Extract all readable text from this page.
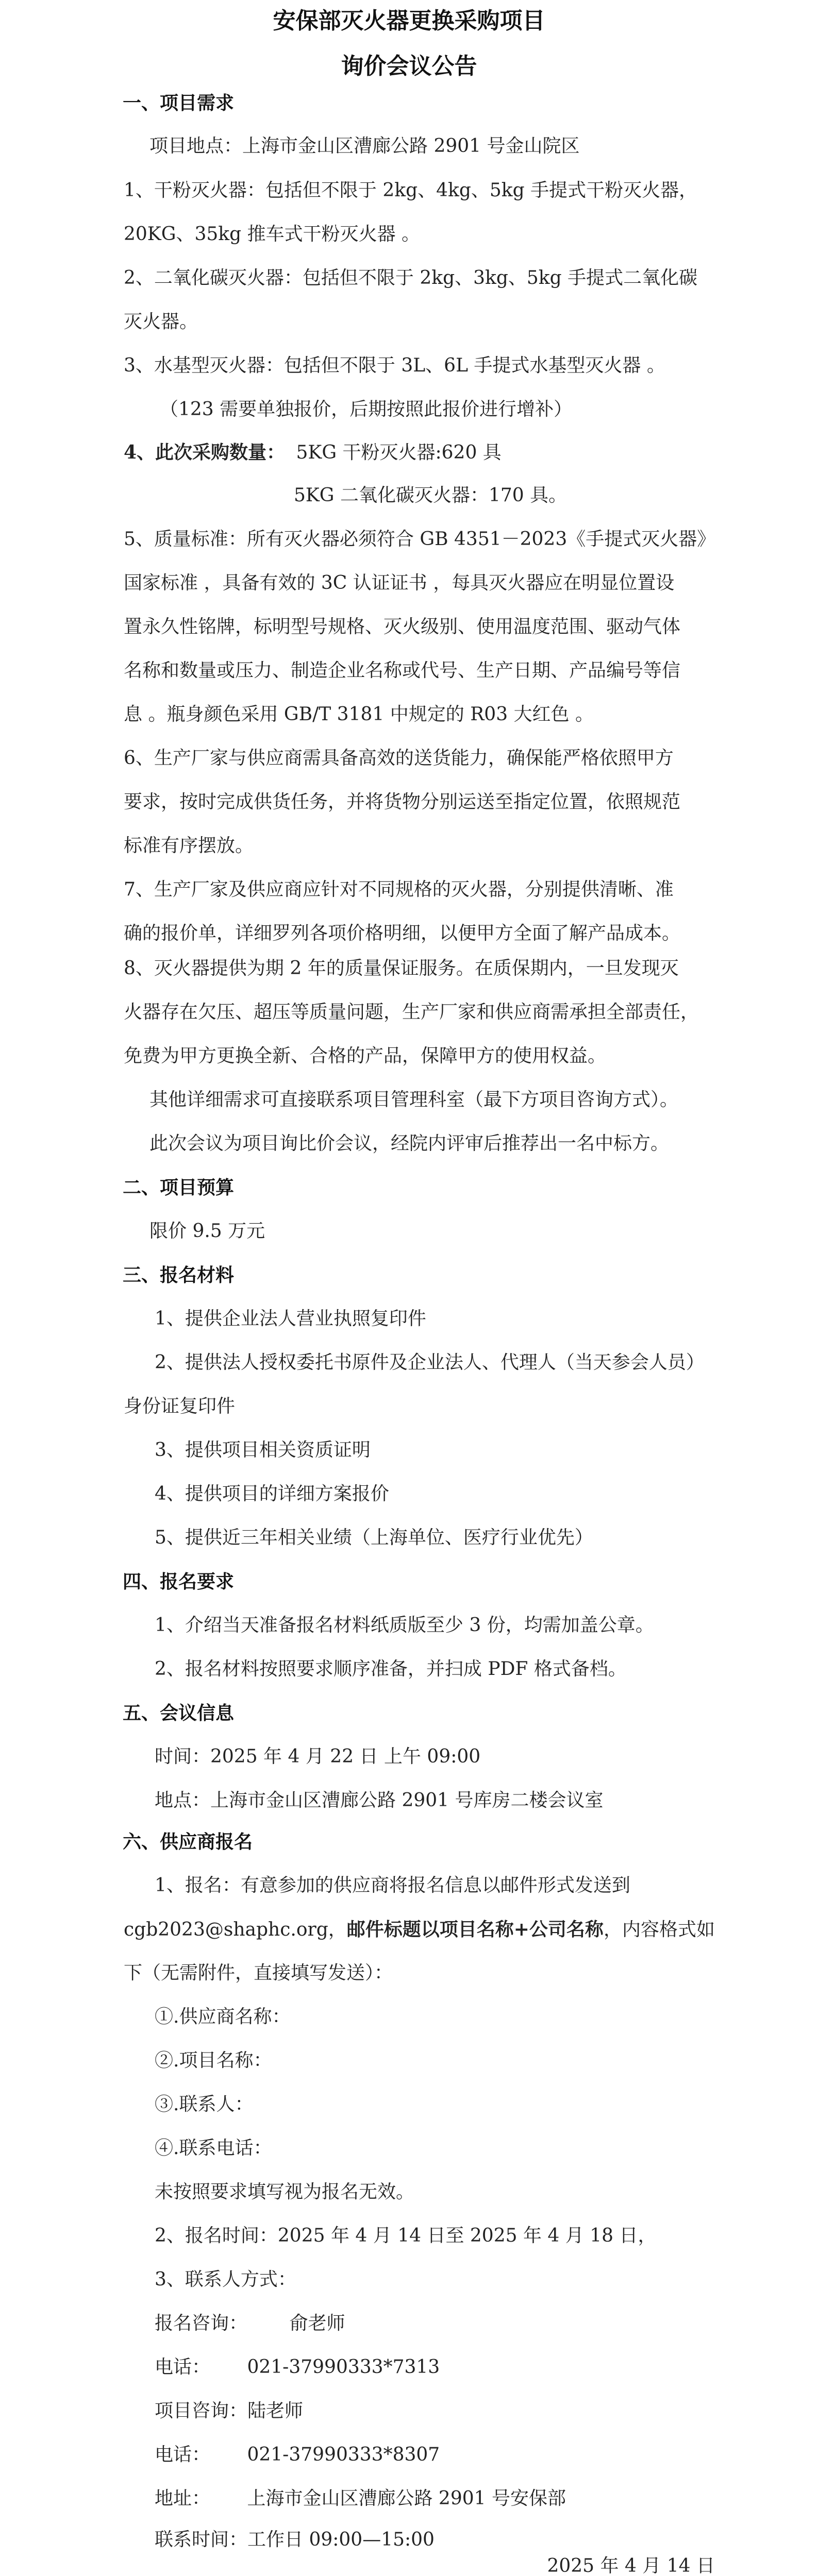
安保部灭火器更换采购项目
询价会议公告
一、项目需求
项目地点：上海市金山区漕廊公路 2901 号金山院区
1、干粉灭火器：包括但不限于 2kg、4kg、5kg 手提式干粉灭火器，
20KG、35kg 推车式干粉灭火器 。
2、二氧化碳灭火器：包括但不限于 2kg、3kg、5kg 手提式二氧化碳
灭火器。
3、水基型灭火器：包括但不限于 3L、6L 手提式水基型灭火器 。
（123 需要单独报价，后期按照此报价进行增补）
4、此次采购数量： 5KG 干粉灭火器:620 具
5KG 二氧化碳灭火器：170 具。
5、质量标准：所有灭火器必须符合 GB 4351－2023《手提式灭火器》
国家标准 ，具备有效的 3C 认证证书 ，每具灭火器应在明显位置设
置永久性铭牌，标明型号规格、灭火级别、使用温度范围、驱动气体
名称和数量或压力、制造企业名称或代号、生产日期、产品编号等信
息 。瓶身颜色采用 GB/T 3181 中规定的 R03 大红色 。
6、生产厂家与供应商需具备高效的送货能力，确保能严格依照甲方
要求，按时完成供货任务，并将货物分别运送至指定位置，依照规范
标准有序摆放。
7、生产厂家及供应商应针对不同规格的灭火器，分别提供清晰、准
确的报价单，详细罗列各项价格明细，以便甲方全面了解产品成本。
8、灭火器提供为期 2 年的质量保证服务。在质保期内，一旦发现灭
火器存在欠压、超压等质量问题，生产厂家和供应商需承担全部责任，
免费为甲方更换全新、合格的产品，保障甲方的使用权益。
其他详细需求可直接联系项目管理科室（最下方项目咨询方式）。
此次会议为项目询比价会议，经院内评审后推荐出一名中标方。
二、项目预算
限价 9.5 万元
三、报名材料
1、提供企业法人营业执照复印件
2、提供法人授权委托书原件及企业法人、代理人（当天参会人员）
身份证复印件
3、提供项目相关资质证明
4、提供项目的详细方案报价
5、提供近三年相关业绩（上海单位、医疗行业优先）
四、报名要求
1、介绍当天准备报名材料纸质版至少 3 份，均需加盖公章。
2、报名材料按照要求顺序准备，并扫成 PDF 格式备档。
五、会议信息
时间：2025 年 4 月 22 日 上午 09:00
地点：上海市金山区漕廊公路 2901 号库房二楼会议室
六、供应商报名
1、报名：有意参加的供应商将报名信息以邮件形式发送到
cgb2023@shaphc.org，邮件标题以项目名称+公司名称，内容格式如
下（无需附件，直接填写发送）：
①.供应商名称：
②.项目名称：
③.联系人：
④.联系电话：
未按照要求填写视为报名无效。
2、报名时间：2025 年 4 月 14 日至 2025 年 4 月 18 日，
3、联系人方式：
报名咨询： 俞老师
电话： 021-37990333*7313
项目咨询：陆老师
电话： 021-37990333*8307
地址： 上海市金山区漕廊公路 2901 号安保部
联系时间：工作日 09:00—15:00
2025 年 4 月 14 日
